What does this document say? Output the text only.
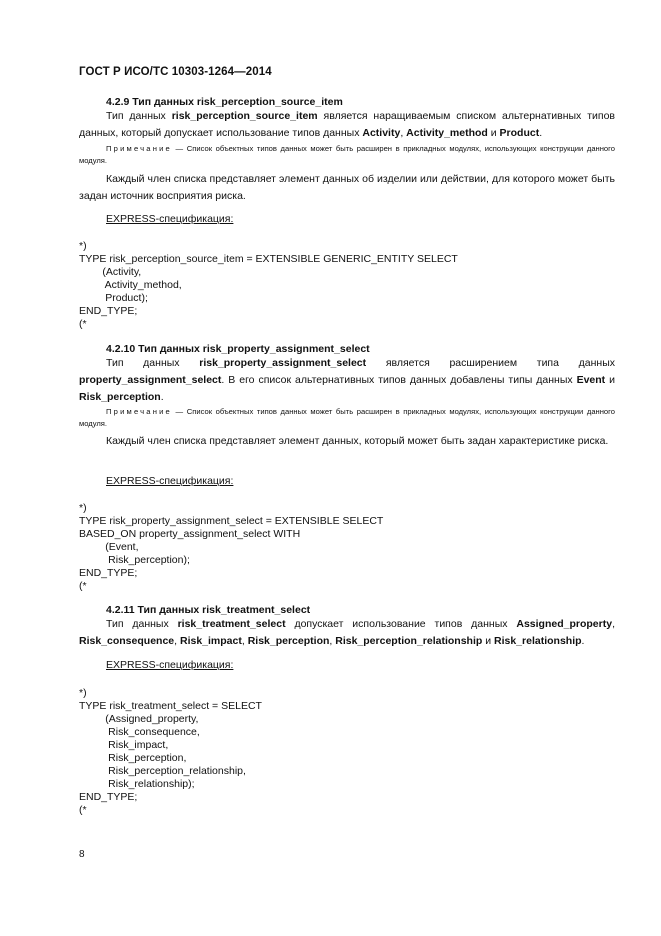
ГОСТ Р ИСО/ТС 10303-1264—2014
4.2.9 Тип данных risk_perception_source_item
Тип данных risk_perception_source_item является наращиваемым списком альтернативных типов данных, который допускает использование типов данных Activity, Activity_method и Product.
Примечание — Список объектных типов данных может быть расширен в прикладных модулях, использующих конструкции данного модуля.
Каждый член списка представляет элемент данных об изделии или действии, для которого может быть задан источник восприятия риска.
EXPRESS-спецификация:
*)
TYPE risk_perception_source_item = EXTENSIBLE GENERIC_ENTITY SELECT
(Activity,
Activity_method,
Product);
END_TYPE;
(*
4.2.10 Тип данных risk_property_assignment_select
Тип данных risk_property_assignment_select является расширением типа данных property_assignment_select. В его список альтернативных типов данных добавлены типы данных Event и Risk_perception.
Примечание — Список объектных типов данных может быть расширен в прикладных модулях, использующих конструкции данного модуля.
Каждый член списка представляет элемент данных, который может быть задан характеристике риска.
EXPRESS-спецификация:
*)
TYPE risk_property_assignment_select = EXTENSIBLE SELECT
BASED_ON property_assignment_select WITH
(Event,
Risk_perception);
END_TYPE;
(*
4.2.11 Тип данных risk_treatment_select
Тип данных risk_treatment_select допускает использование типов данных Assigned_property, Risk_consequence, Risk_impact, Risk_perception, Risk_perception_relationship и Risk_relationship.
EXPRESS-спецификация:
*)
TYPE risk_treatment_select = SELECT
(Assigned_property,
Risk_consequence,
Risk_impact,
Risk_perception,
Risk_perception_relationship,
Risk_relationship);
END_TYPE;
(*
8
